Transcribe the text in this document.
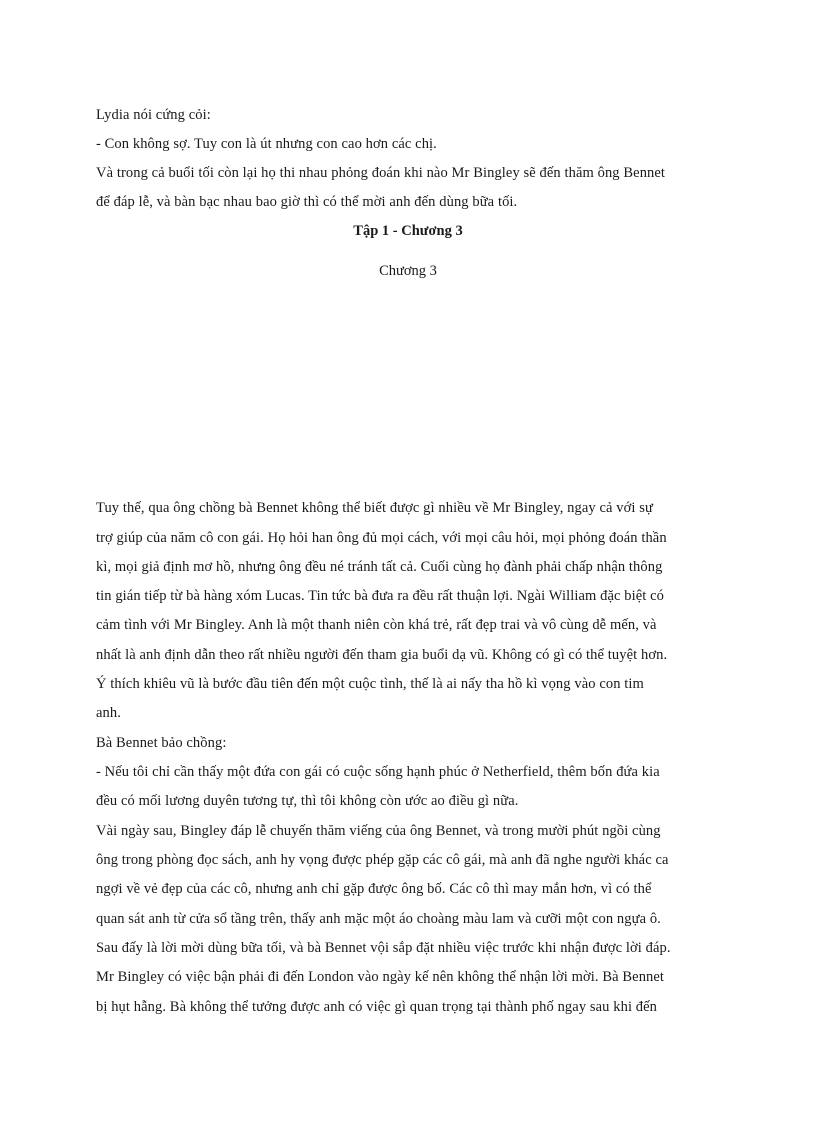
Lydia nói cứng cỏi:
- Con không sợ. Tuy con là út nhưng con cao hơn các chị.
Và trong cả buổi tối còn lại họ thi nhau phỏng đoán khi nào Mr Bingley sẽ đến thăm ông Bennet
để đáp lễ, và bàn bạc nhau bao giờ thì có thể mời anh đến dùng bữa tối.
Tập 1 - Chương 3
Chương 3
Tuy thế, qua ông chồng bà Bennet không thể biết được gì nhiều về Mr Bingley, ngay cả với sự
trợ giúp của năm cô con gái. Họ hỏi han ông đủ mọi cách, với mọi câu hỏi, mọi phỏng đoán thần
kì, mọi giả định mơ hồ, nhưng ông đều né tránh tất cả. Cuối cùng họ đành phải chấp nhận thông
tin gián tiếp từ bà hàng xóm Lucas. Tin tức bà đưa ra đều rất thuận lợi. Ngài William đặc biệt có
cảm tình với Mr Bingley. Anh là một thanh niên còn khá trẻ, rất đẹp trai và vô cùng dễ mến, và
nhất là anh định dẫn theo rất nhiều người đến tham gia buổi dạ vũ. Không có gì có thể tuyệt hơn.
Ý thích khiêu vũ là bước đầu tiên đến một cuộc tình, thế là ai nấy tha hồ kì vọng vào con tim
anh.
Bà Bennet bảo chồng:
- Nếu tôi chỉ cần thấy một đứa con gái có cuộc sống hạnh phúc ở Netherfield, thêm bốn đứa kia
đều có mối lương duyên tương tự, thì tôi không còn ước ao điều gì nữa.
Vài ngày sau, Bingley đáp lễ chuyến thăm viếng của ông Bennet, và trong mười phút ngồi cùng
ông trong phòng đọc sách, anh hy vọng được phép gặp các cô gái, mà anh đã nghe người khác ca
ngợi về vẻ đẹp của các cô, nhưng anh chỉ gặp được ông bố. Các cô thì may mắn hơn, vì có thể
quan sát anh từ cửa sổ tầng trên, thấy anh mặc một áo choàng màu lam và cưỡi một con ngựa ô.
Sau đấy là lời mời dùng bữa tối, và bà Bennet vội sắp đặt nhiều việc trước khi nhận được lời đáp.
Mr Bingley có việc bận phải đi đến London vào ngày kế nên không thể nhận lời mời. Bà Bennet
bị hụt hẫng. Bà không thể tưởng được anh có việc gì quan trọng tại thành phố ngay sau khi đến
